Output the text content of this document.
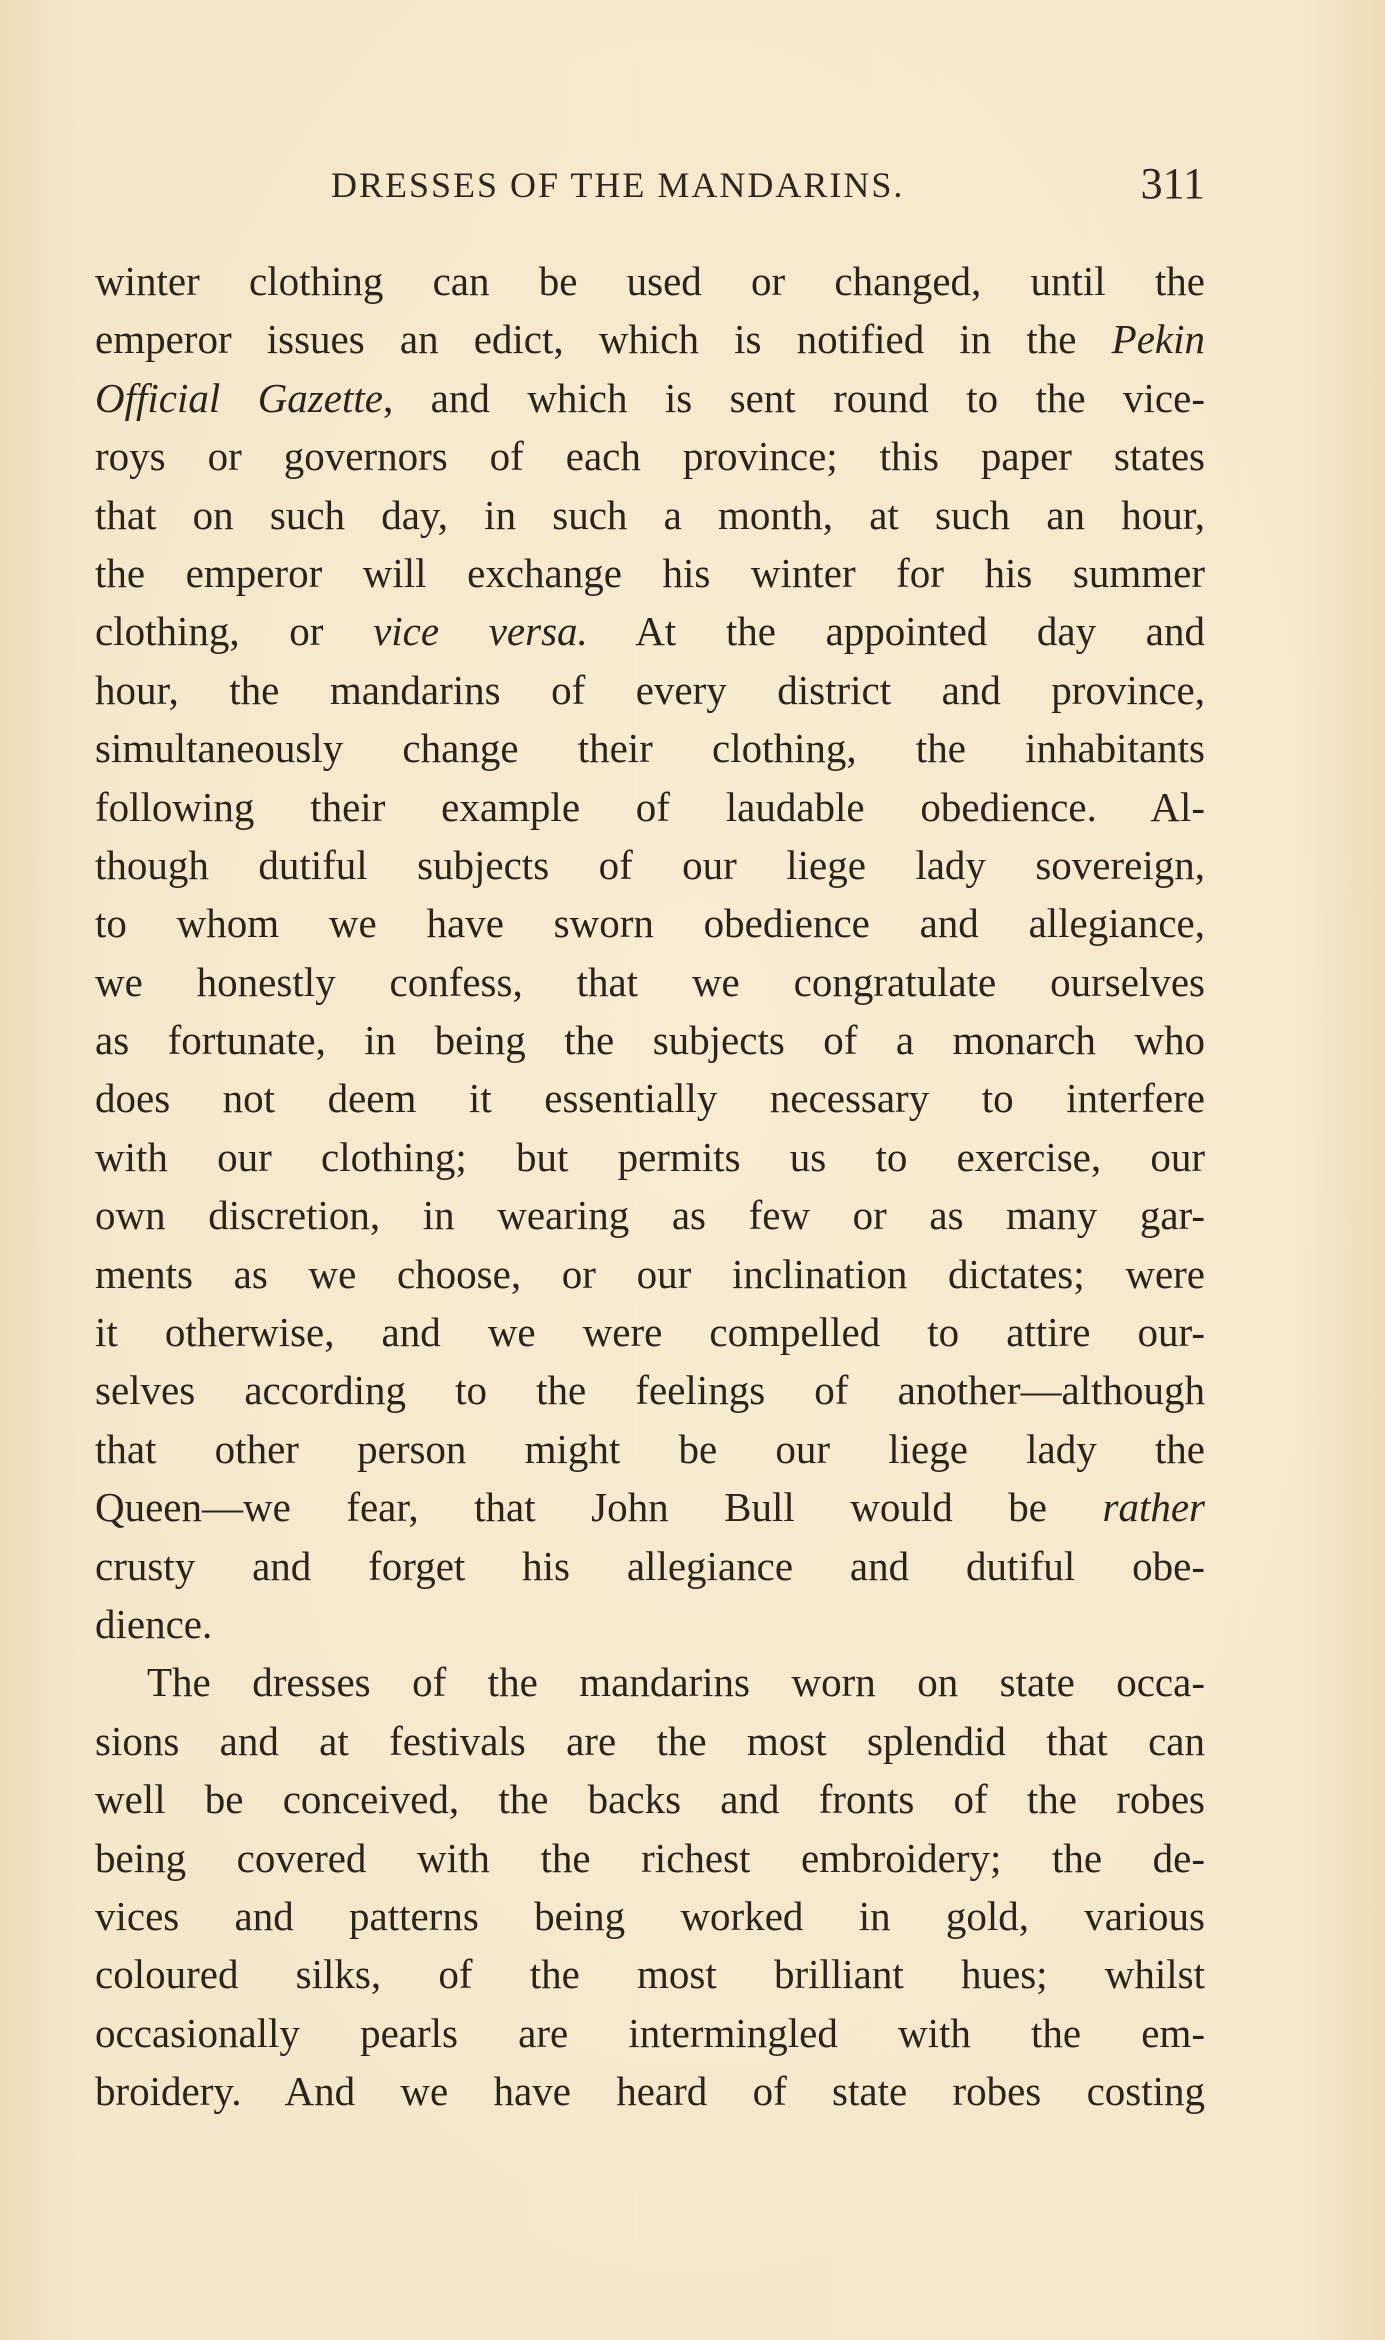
DRESSES OF THE MANDARINS.	311
winter clothing can be used or changed, until the
emperor issues an edict, which is notified in the Pekin
Official Gazette, and which is sent round to the vice-
roys or governors of each province; this paper states
that on such day, in such a month, at such an hour,
the emperor will exchange his winter for his summer
clothing, or vice versa. At the appointed day and
hour, the mandarins of every district and province,
simultaneously change their clothing, the inhabitants
following their example of laudable obedience. Al-
though dutiful subjects of our liege lady sovereign,
to whom we have sworn obedience and allegiance,
we honestly confess, that we congratulate ourselves
as fortunate, in being the subjects of a monarch who
does not deem it essentially necessary to interfere
with our clothing; but permits us to exercise, our
own discretion, in wearing as few or as many gar-
ments as we choose, or our inclination dictates; were
it otherwise, and we were compelled to attire our-
selves according to the feelings of another—although
that other person might be our liege lady the
Queen—we fear, that John Bull would be rather
crusty and forget his allegiance and dutiful obe-
dience.
The dresses of the mandarins worn on state occa-
sions and at festivals are the most splendid that can
well be conceived, the backs and fronts of the robes
being covered with the richest embroidery; the de-
vices and patterns being worked in gold, various
coloured silks, of the most brilliant hues; whilst
occasionally pearls are intermingled with the em-
broidery. And we have heard of state robes costing
